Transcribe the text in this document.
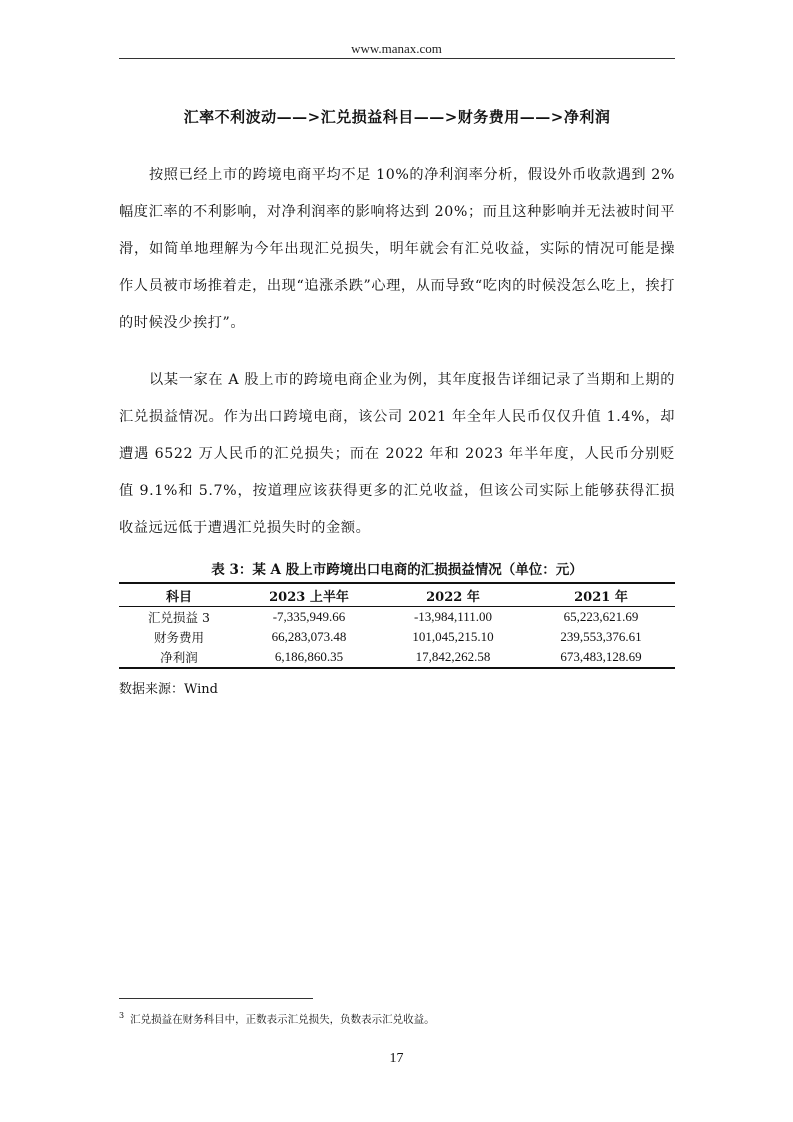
www.manax.com
汇率不利波动——>汇兑损益科目——>财务费用——>净利润

按照已经上市的跨境电商平均不足 10%的净利润率分析，假设外币收款遇到 2%幅度汇率的不利影响，对净利润率的影响将达到 20%；而且这种影响并无法被时间平滑，如简单地理解为今年出现汇兑损失，明年就会有汇兑收益，实际的情况可能是操作人员被市场推着走，出现“追涨杀跌”心理，从而导致“吃肉的时候没怎么吃上，挨打的时候没少挨打”。

以某一家在 A 股上市的跨境电商企业为例，其年度报告详细记录了当期和上期的汇兑损益情况。作为出口跨境电商，该公司 2021 年全年人民币仅仅升值 1.4%，却遭遇 6522 万人民币的汇兑损失；而在 2022 年和 2023 年半年度，人民币分别贬值 9.1%和 5.7%，按道理应该获得更多的汇兑收益，但该公司实际上能够获得汇损收益远远低于遭遇汇兑损失时的金额。

表 3：某 A 股上市跨境出口电商的汇损损益情况（单位：元）
科目	2023 上半年	2022 年	2021 年
汇兑损益 3	-7,335,949.66	-13,984,111.00	65,223,621.69
财务费用	66,283,073.48	101,045,215.10	239,553,376.61
净利润	6,186,860.35	17,842,262.58	673,483,128.69
数据来源：Wind
$^3$ 汇兑损益在财务科目中，正数表示汇兑损失，负数表示汇兑收益。
17
